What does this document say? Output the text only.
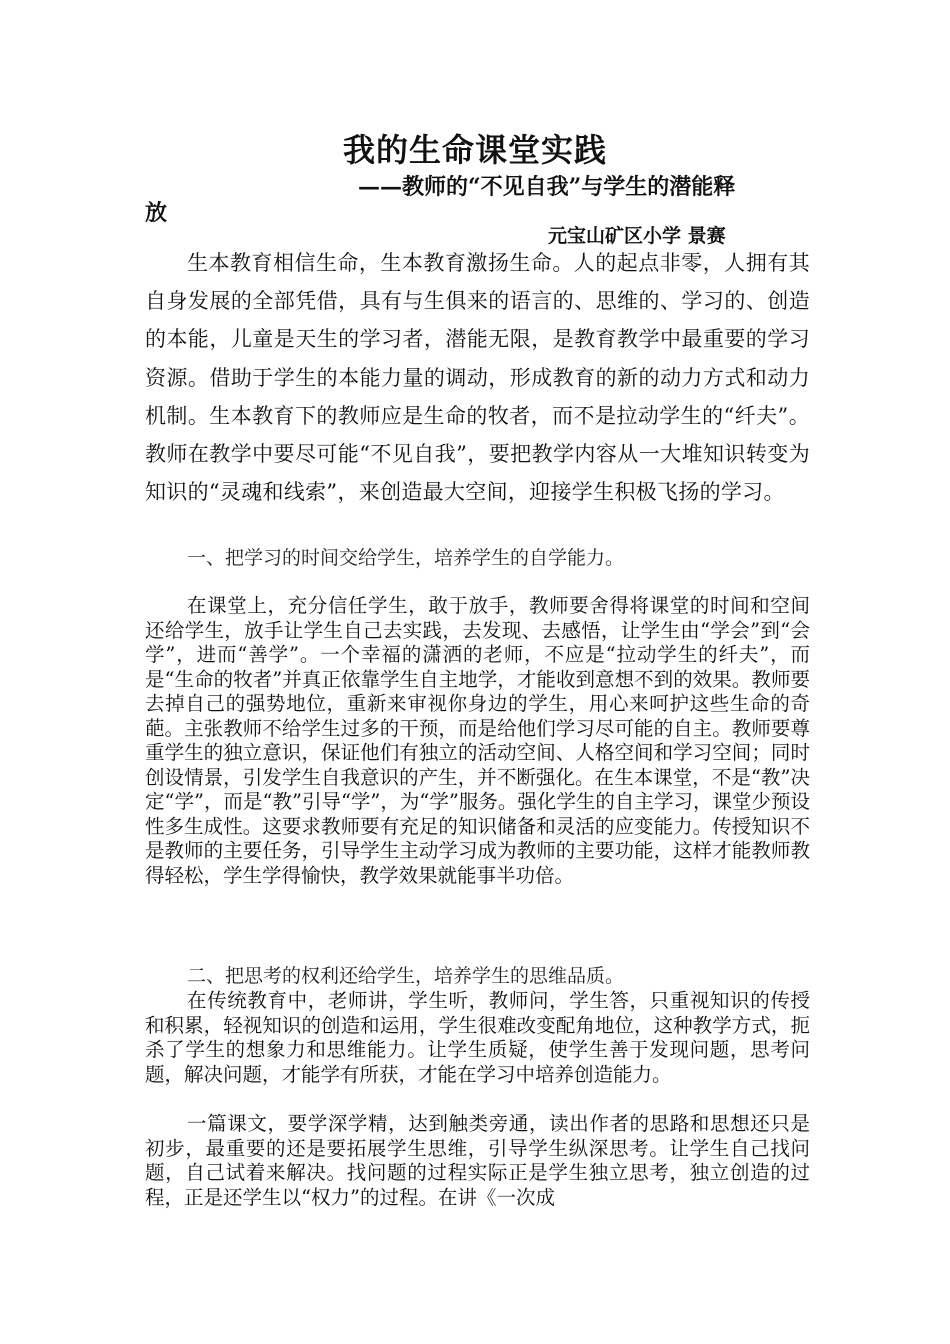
我的生命课堂实践
——教师的“不见自我”与学生的潜能释
放
元宝山矿区小学 景赛

生本教育相信生命，生本教育激扬生命。人的起点非零，人拥有其自身发展的全部凭借，具有与生俱来的语言的、思维的、学习的、创造的本能，儿童是天生的学习者，潜能无限，是教育教学中最重要的学习资源。借助于学生的本能力量的调动，形成教育的新的动力方式和动力机制。生本教育下的教师应是生命的牧者，而不是拉动学生的“纤夫”。教师在教学中要尽可能“不见自我”，要把教学内容从一大堆知识转变为知识的“灵魂和线索”，来创造最大空间，迎接学生积极飞扬的学习。

一、把学习的时间交给学生，培养学生的自学能力。

在课堂上，充分信任学生，敢于放手，教师要舍得将课堂的时间和空间还给学生，放手让学生自己去实践，去发现、去感悟，让学生由“学会”到“会学”，进而“善学”。一个幸福的潇洒的老师，不应是“拉动学生的纤夫”，而是“生命的牧者”并真正依靠学生自主地学，才能收到意想不到的效果。教师要去掉自己的强势地位，重新来审视你身边的学生，用心来呵护这些生命的奇葩。主张教师不给学生过多的干预，而是给他们学习尽可能的自主。教师要尊重学生的独立意识，保证他们有独立的活动空间、人格空间和学习空间；同时创设情景，引发学生自我意识的产生，并不断强化。在生本课堂，不是“教”决定“学”，而是“教”引导“学”，为“学”服务。强化学生的自主学习，课堂少预设性多生成性。这要求教师要有充足的知识储备和灵活的应变能力。传授知识不是教师的主要任务，引导学生主动学习成为教师的主要功能，这样才能教师教得轻松，学生学得愉快，教学效果就能事半功倍。

二、把思考的权利还给学生，培养学生的思维品质。

在传统教育中，老师讲，学生听，教师问，学生答，只重视知识的传授和积累，轻视知识的创造和运用，学生很难改变配角地位，这种教学方式，扼杀了学生的想象力和思维能力。让学生质疑，使学生善于发现问题，思考问题，解决问题，才能学有所获，才能在学习中培养创造能力。

一篇课文，要学深学精，达到触类旁通，读出作者的思路和思想还只是初步，最重要的还是要拓展学生思维，引导学生纵深思考。让学生自己找问题，自己试着来解决。找问题的过程实际正是学生独立思考，独立创造的过程，正是还学生以“权力”的过程。在讲《一次成
